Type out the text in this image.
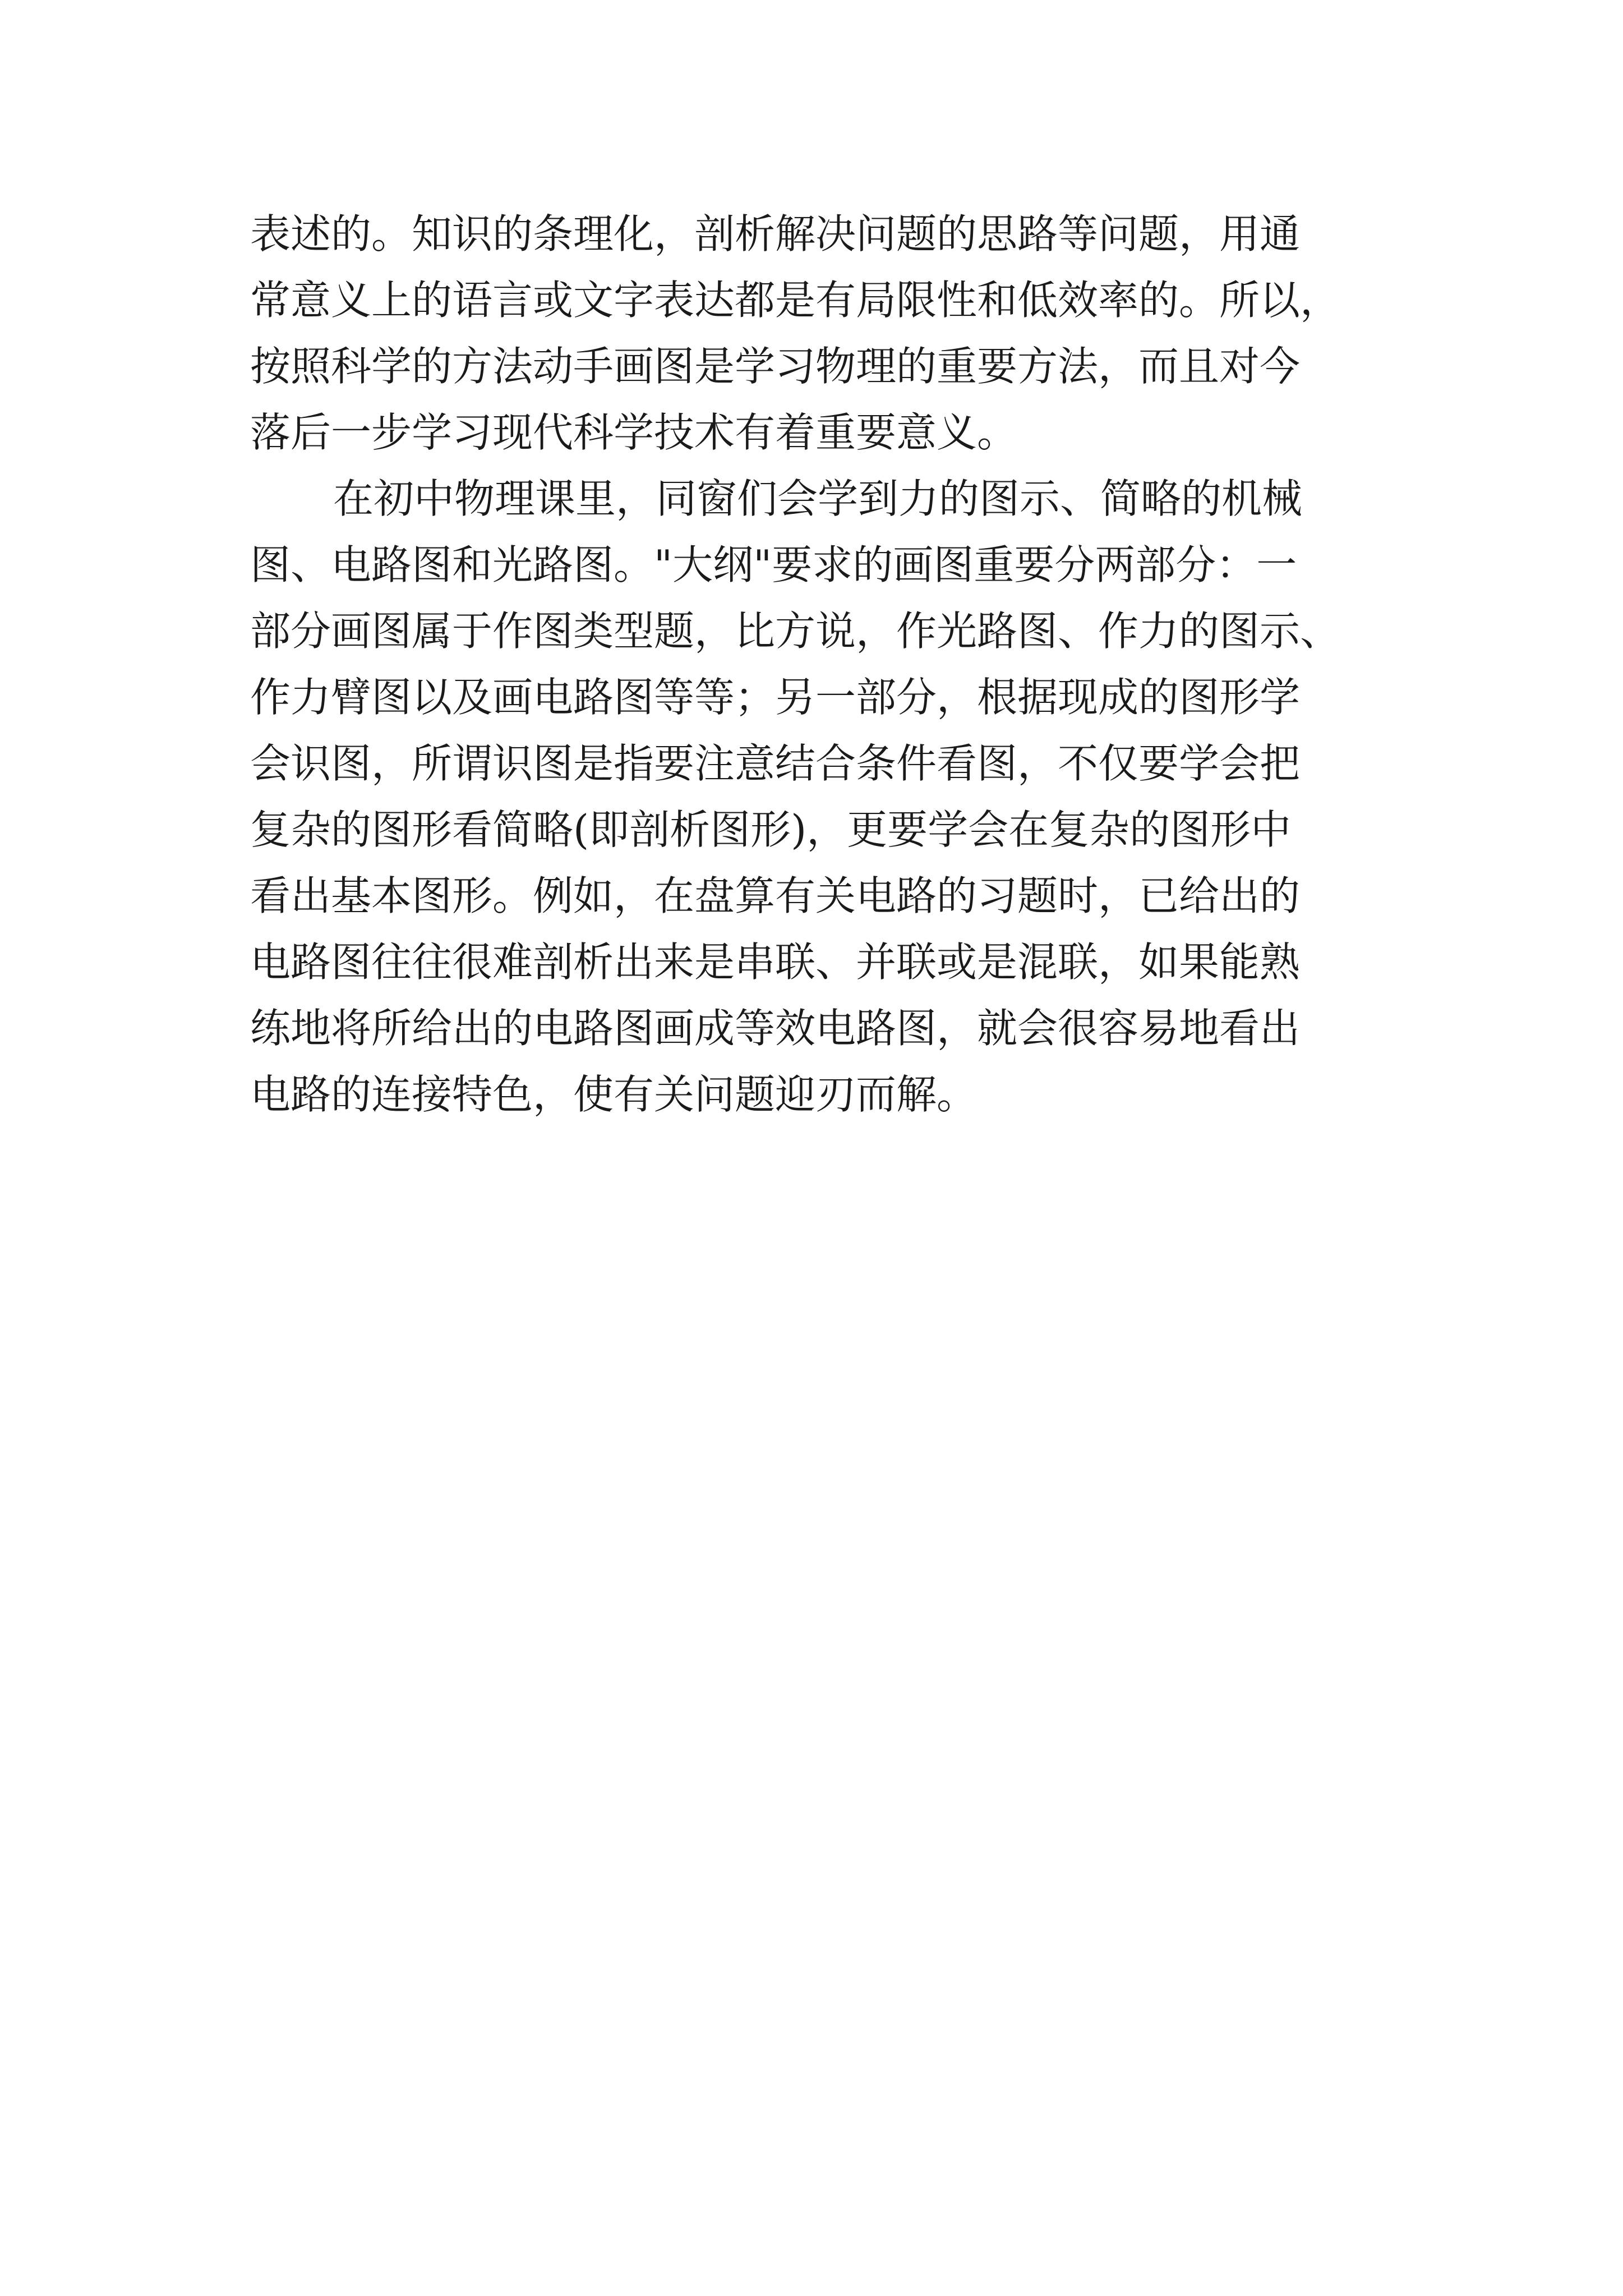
表述的。知识的条理化，剖析解决问题的思路等问题，用通
常意义上的语言或文字表达都是有局限性和低效率的。所以，
按照科学的方法动手画图是学习物理的重要方法，而且对今
落后一步学习现代科学技术有着重要意义。
在初中物理课里，同窗们会学到力的图示、简略的机械
图、电路图和光路图。"大纲"要求的画图重要分两部分：一
部分画图属于作图类型题，比方说，作光路图、作力的图示、
作力臂图以及画电路图等等；另一部分，根据现成的图形学
会识图，所谓识图是指要注意结合条件看图，不仅要学会把
复杂的图形看简略(即剖析图形)，更要学会在复杂的图形中
看出基本图形。例如，在盘算有关电路的习题时，已给出的
电路图往往很难剖析出来是串联、并联或是混联，如果能熟
练地将所给出的电路图画成等效电路图，就会很容易地看出
电路的连接特色，使有关问题迎刃而解。
